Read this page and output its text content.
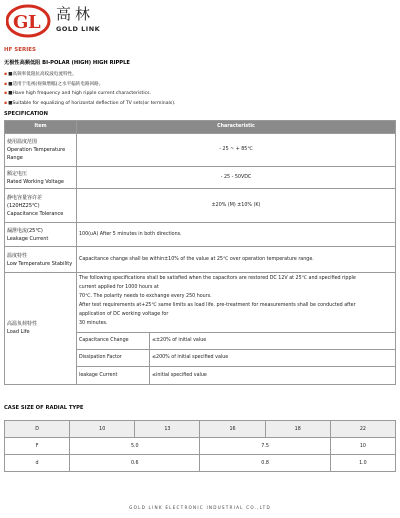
G L 高林
GOLD LINK
HF SERIES
无极性高频低阻 BI-POLAR (HIGH) HIGH RIPPLE
▪ ■高频率低阻抗高纹波电流特性。
▪ ■适用于电视(视频增幅)之水平偏转电路回路。
▪ ■Have high frequency and high ripple current characteristics.
▪ ■Suitable for equalizing of horizontal deflection of TV sets(or terminals).
SPECIFICATION
Item	Characteristic

使用温度范围
Operation Temperature
Range
	- 25 ~ + 85℃

额定电压
Rated Working Voltage
	- 25 - 50VDC

静电容量容许差
(120HZ25℃)
Capacitance Tolerance
	±20% (M) ±10% (K)

漏泄电流(25℃)
Leakage Current
	100(uA) After 5 minutes in both directions.

温度特性
Low Temperature Stability
	Capacitance change shall be within±10% of the value at 25℃ over operation temperature range.

高温负荷特性
Load Life

The following specifications shall be satisfied when the capacitors are restored DC 12V at 25℃ and specified ripple
current applied for 1000 hours at
70℃. The polarity needs to exchange every 250 hours.
After test requirements at+25℃ same limits as load life. pre-treatment for measurements shall be conducted after
application of DC working voltage for
30 minutes.
Capacitance Change	≤±20% of initial value
Dissipation Factor	≤200% of initial specified value
leakage Current	≤initial specified value
CASE SIZE OF RADIAL TYPE
D	10	13	16	18	22
F	5.0		7.5		10
d	0.6		0.8		1.0
GOLD LINK ELECTRONIC INDUSTRIAL CO.,LTD
